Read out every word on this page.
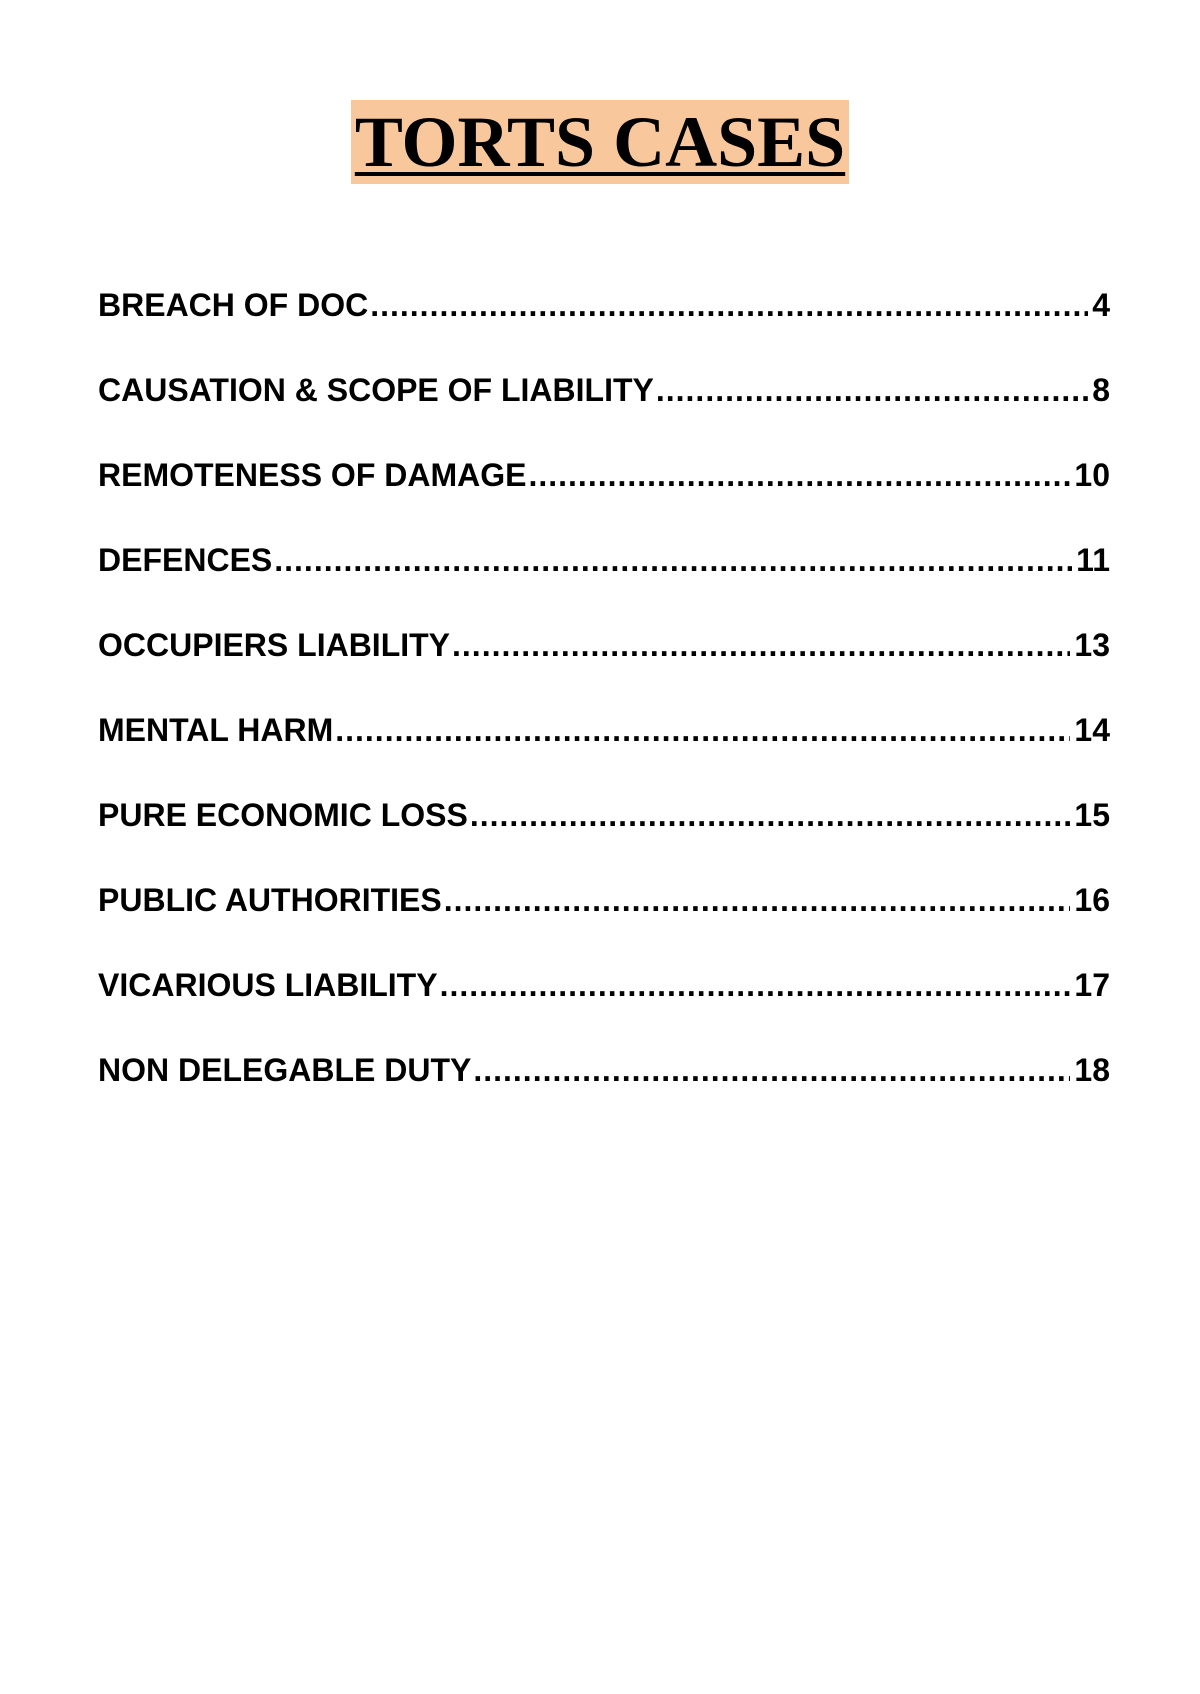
TORTS CASES
BREACH OF DOC .....	4
CAUSATION & SCOPE OF LIABILITY .....	8
REMOTENESS OF DAMAGE .....	10
DEFENCES .....	11
OCCUPIERS LIABILITY .....	13
MENTAL HARM .....	14
PURE ECONOMIC LOSS .....	15
PUBLIC AUTHORITIES .....	16
VICARIOUS LIABILITY .....	17
NON DELEGABLE DUTY .....	18
